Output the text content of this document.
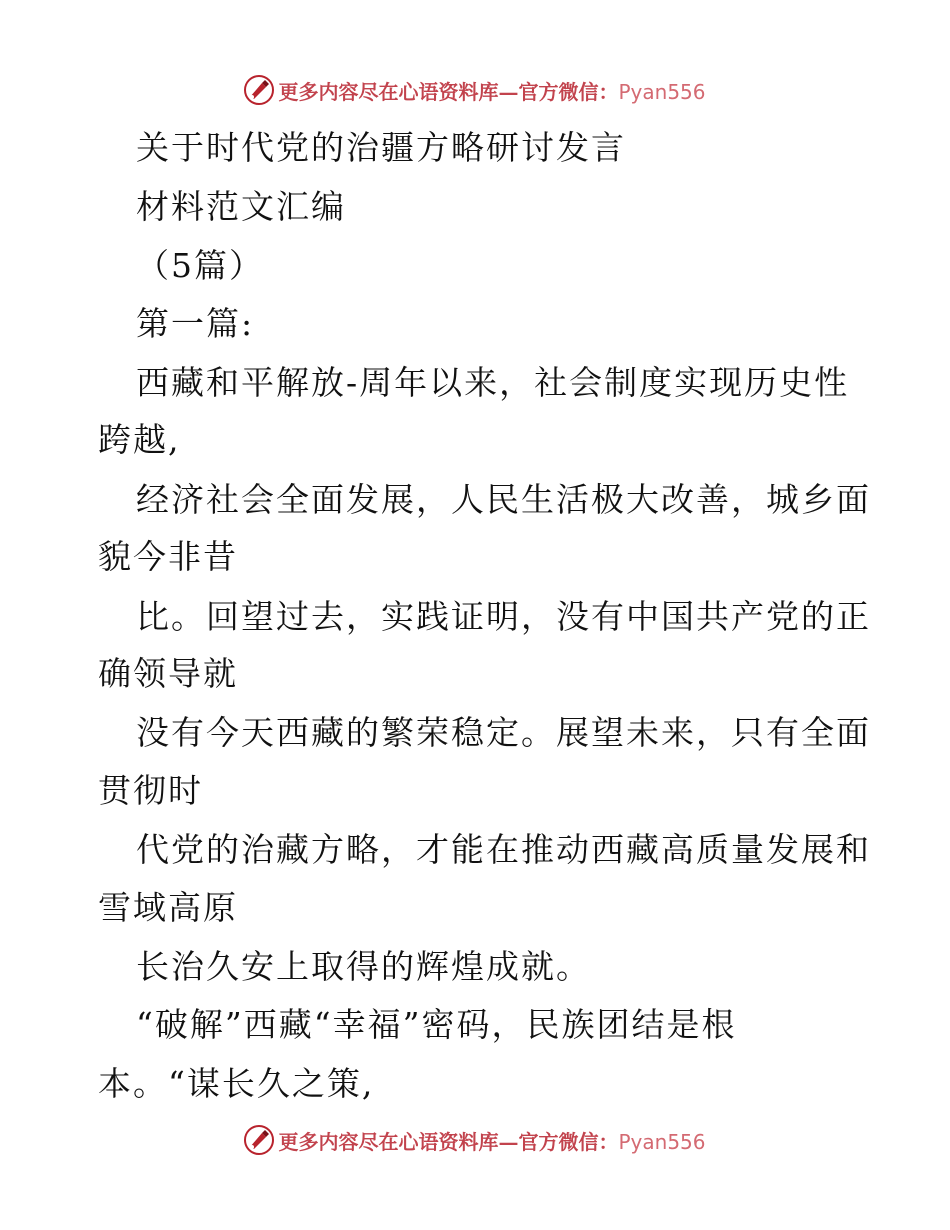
更多内容尽在心语资料库—官方微信：Pyan556
关于时代党的治疆方略研讨发言
材料范文汇编
（5篇）
第一篇:
西藏和平解放-周年以来，社会制度实现历史性
跨越,
经济社会全面发展，人民生活极大改善，城乡面
貌今非昔
比。回望过去，实践证明，没有中国共产党的正
确领导就
没有今天西藏的繁荣稳定。展望未来，只有全面
贯彻时
代党的治藏方略，才能在推动西藏高质量发展和
雪域高原
长治久安上取得的辉煌成就。
“破解”西藏“幸福”密码，民族团结是根
本。“谋长久之策,
更多内容尽在心语资料库—官方微信：Pyan556
